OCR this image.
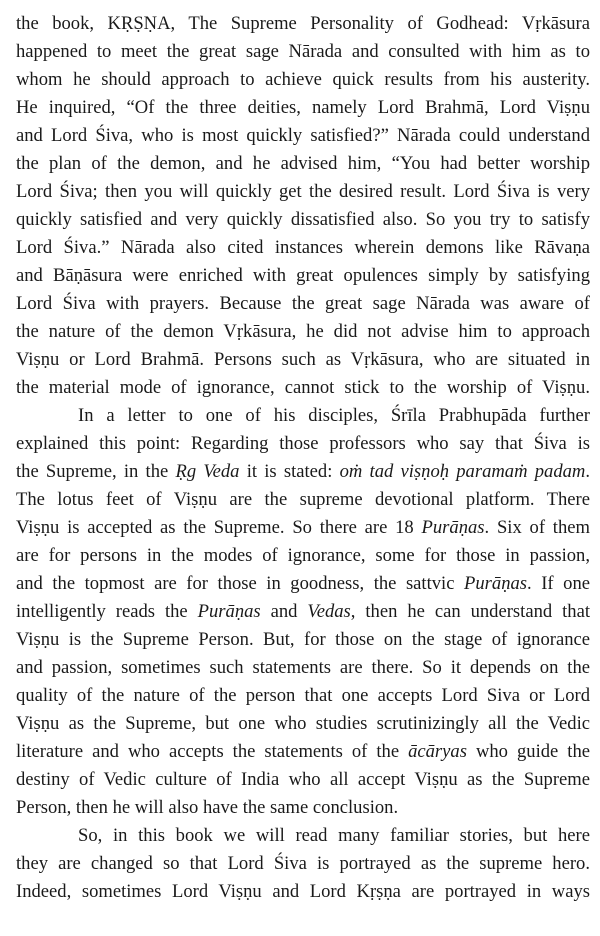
the book, KṚṢṆA, The Supreme Personality of Godhead: Vṛkāsura
happened to meet the great sage Nārada and consulted with him as to
whom he should approach to achieve quick results from his austerity.
He inquired, “Of the three deities, namely Lord Brahmā, Lord Viṣṇu
and Lord Śiva, who is most quickly satisfied?” Nārada could understand
the plan of the demon, and he advised him, “You had better worship
Lord Śiva; then you will quickly get the desired result. Lord Śiva is very
quickly satisfied and very quickly dissatisfied also. So you try to satisfy
Lord Śiva.” Nārada also cited instances wherein demons like Rāvaṇa
and Bāṇāsura were enriched with great opulences simply by satisfying
Lord Śiva with prayers. Because the great sage Nārada was aware of
the nature of the demon Vṛkāsura, he did not advise him to approach
Viṣṇu or Lord Brahmā. Persons such as Vṛkāsura, who are situated in
the material mode of ignorance, cannot stick to the worship of Viṣṇu.
In a letter to one of his disciples, Śrīla Prabhupāda further
explained this point: Regarding those professors who say that Śiva is
the Supreme, in the Ṛg Veda it is stated: oṁ tad viṣṇoḥ paramaṁ padam.
The lotus feet of Viṣṇu are the supreme devotional platform. There
Viṣṇu is accepted as the Supreme. So there are 18 Purāṇas. Six of them
are for persons in the modes of ignorance, some for those in passion,
and the topmost are for those in goodness, the sattvic Purāṇas. If one
intelligently reads the Purāṇas and Vedas, then he can understand that
Viṣṇu is the Supreme Person. But, for those on the stage of ignorance
and passion, sometimes such statements are there. So it depends on the
quality of the nature of the person that one accepts Lord Siva or Lord
Viṣṇu as the Supreme, but one who studies scrutinizingly all the Vedic
literature and who accepts the statements of the ācāryas who guide the
destiny of Vedic culture of India who all accept Viṣṇu as the Supreme
Person, then he will also have the same conclusion.
So, in this book we will read many familiar stories, but here
they are changed so that Lord Śiva is portrayed as the supreme hero.
Indeed, sometimes Lord Viṣṇu and Lord Kṛṣṇa are portrayed in ways
